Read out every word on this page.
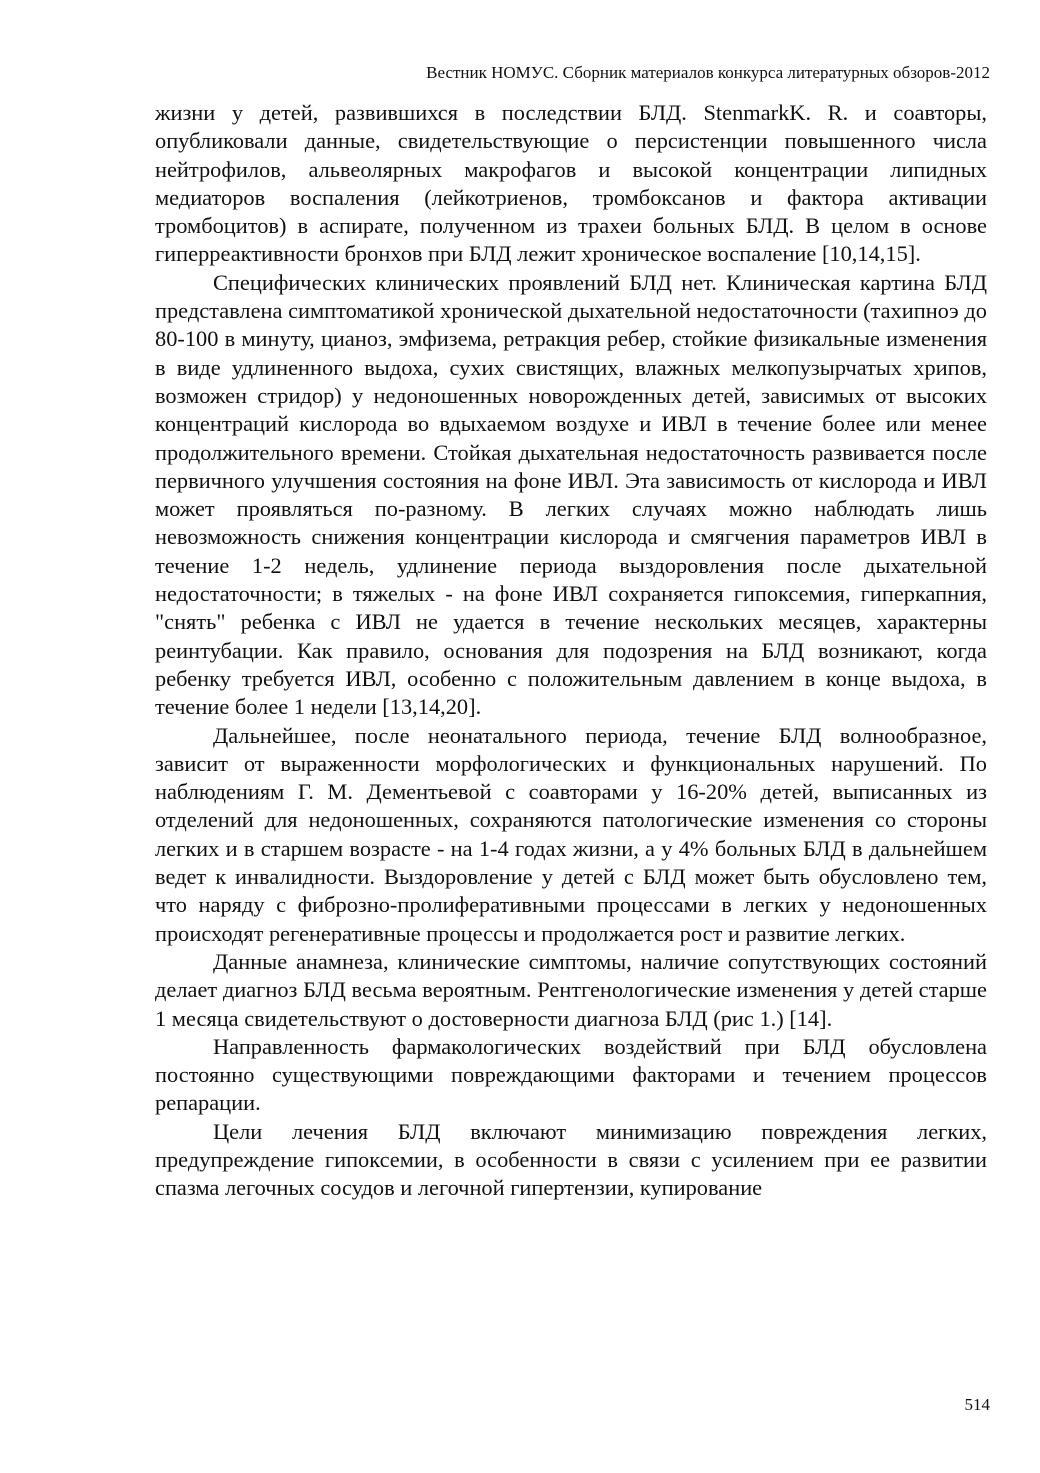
Вестник НОМУС. Сборник материалов конкурса литературных обзоров-2012

жизни у детей, развившихся в последствии БЛД. StenmarkK. R. и соавторы, опубликовали данные, свидетельствующие о персистенции повышенного числа нейтрофилов, альвеолярных макрофагов и высокой концентрации липидных медиаторов воспаления (лейкотриенов, тромбоксанов и фактора активации тромбоцитов) в аспирате, полученном из трахеи больных БЛД. В целом в основе гиперреактивности бронхов при БЛД лежит хроническое воспаление [10,14,15].

Специфических клинических проявлений БЛД нет. Клиническая картина БЛД представлена симптоматикой хронической дыхательной недостаточности (тахипноэ до 80-100 в минуту, цианоз, эмфизема, ретракция ребер, стойкие физикальные изменения в виде удлиненного выдоха, сухих свистящих, влажных мелкопузырчатых хрипов, возможен стридор) у недоношенных новорожденных детей, зависимых от высоких концентраций кислорода во вдыхаемом воздухе и ИВЛ в течение более или менее продолжительного времени. Стойкая дыхательная недостаточность развивается после первичного улучшения состояния на фоне ИВЛ. Эта зависимость от кислорода и ИВЛ может проявляться по-разному. В легких случаях можно наблюдать лишь невозможность снижения концентрации кислорода и смягчения параметров ИВЛ в течение 1-2 недель, удлинение периода выздоровления после дыхательной недостаточности; в тяжелых - на фоне ИВЛ сохраняется гипоксемия, гиперкапния, "снять" ребенка с ИВЛ не удается в течение нескольких месяцев, характерны реинтубации. Как правило, основания для подозрения на БЛД возникают, когда ребенку требуется ИВЛ, особенно с положительным давлением в конце выдоха, в течение более 1 недели [13,14,20].

Дальнейшее, после неонатального периода, течение БЛД волнообразное, зависит от выраженности морфологических и функциональных нарушений. По наблюдениям Г. М. Дементьевой с соавторами у 16-20% детей, выписанных из отделений для недоношенных, сохраняются патологические изменения со стороны легких и в старшем возрасте - на 1-4 годах жизни, а у 4% больных БЛД в дальнейшем ведет к инвалидности. Выздоровление у детей с БЛД может быть обусловлено тем, что наряду с фиброзно-пролиферативными процессами в легких у недоношенных происходят регенеративные процессы и продолжается рост и развитие легких.

Данные анамнеза, клинические симптомы, наличие сопутствующих состояний делает диагноз БЛД весьма вероятным. Рентгенологические изменения у детей старше 1 месяца свидетельствуют о достоверности диагноза БЛД (рис 1.) [14].

Направленность фармакологических воздействий при БЛД обусловлена постоянно существующими повреждающими факторами и течением процессов репарации.

Цели лечения БЛД включают минимизацию повреждения легких, предупреждение гипоксемии, в особенности в связи с усилением при ее развитии спазма легочных сосудов и легочной гипертензии, купирование

514
